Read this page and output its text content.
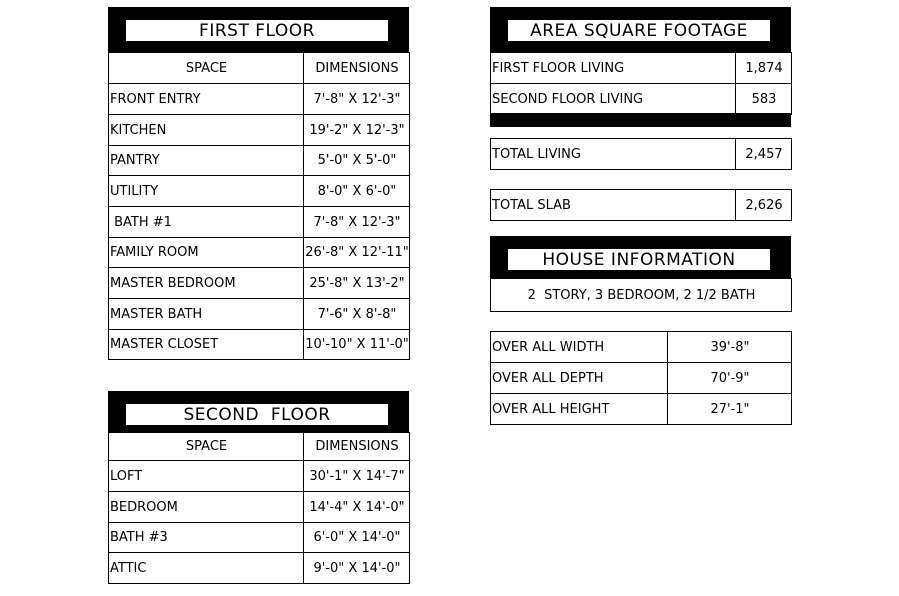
FIRST FLOOR
SPACE	DIMENSIONS
FRONT ENTRY	7'-8" X 12'-3"
KITCHEN	19'-2" X 12'-3"
PANTRY	5'-0" X 5'-0"
UTILITY	8'-0" X 6'-0"
BATH #1	7'-8" X 12'-3"
FAMILY ROOM	26'-8" X 12'-11"
MASTER BEDROOM	25'-8" X 13'-2"
MASTER BATH	7'-6" X 8'-8"
MASTER CLOSET	10'-10" X 11'-0"
SECOND  FLOOR
SPACE	DIMENSIONS
LOFT	30'-1" X 14'-7"
BEDROOM	14'-4" X 14'-0"
BATH #3	6'-0" X 14'-0"
ATTIC	9'-0" X 14'-0"
AREA SQUARE FOOTAGE
FIRST FLOOR LIVING	1,874
SECOND FLOOR LIVING	583
TOTAL LIVING	2,457
TOTAL SLAB	2,626
HOUSE INFORMATION
2  STORY, 3 BEDROOM, 2 1/2 BATH
OVER ALL WIDTH	39'-8"
OVER ALL DEPTH	70'-9"
OVER ALL HEIGHT	27'-1"
